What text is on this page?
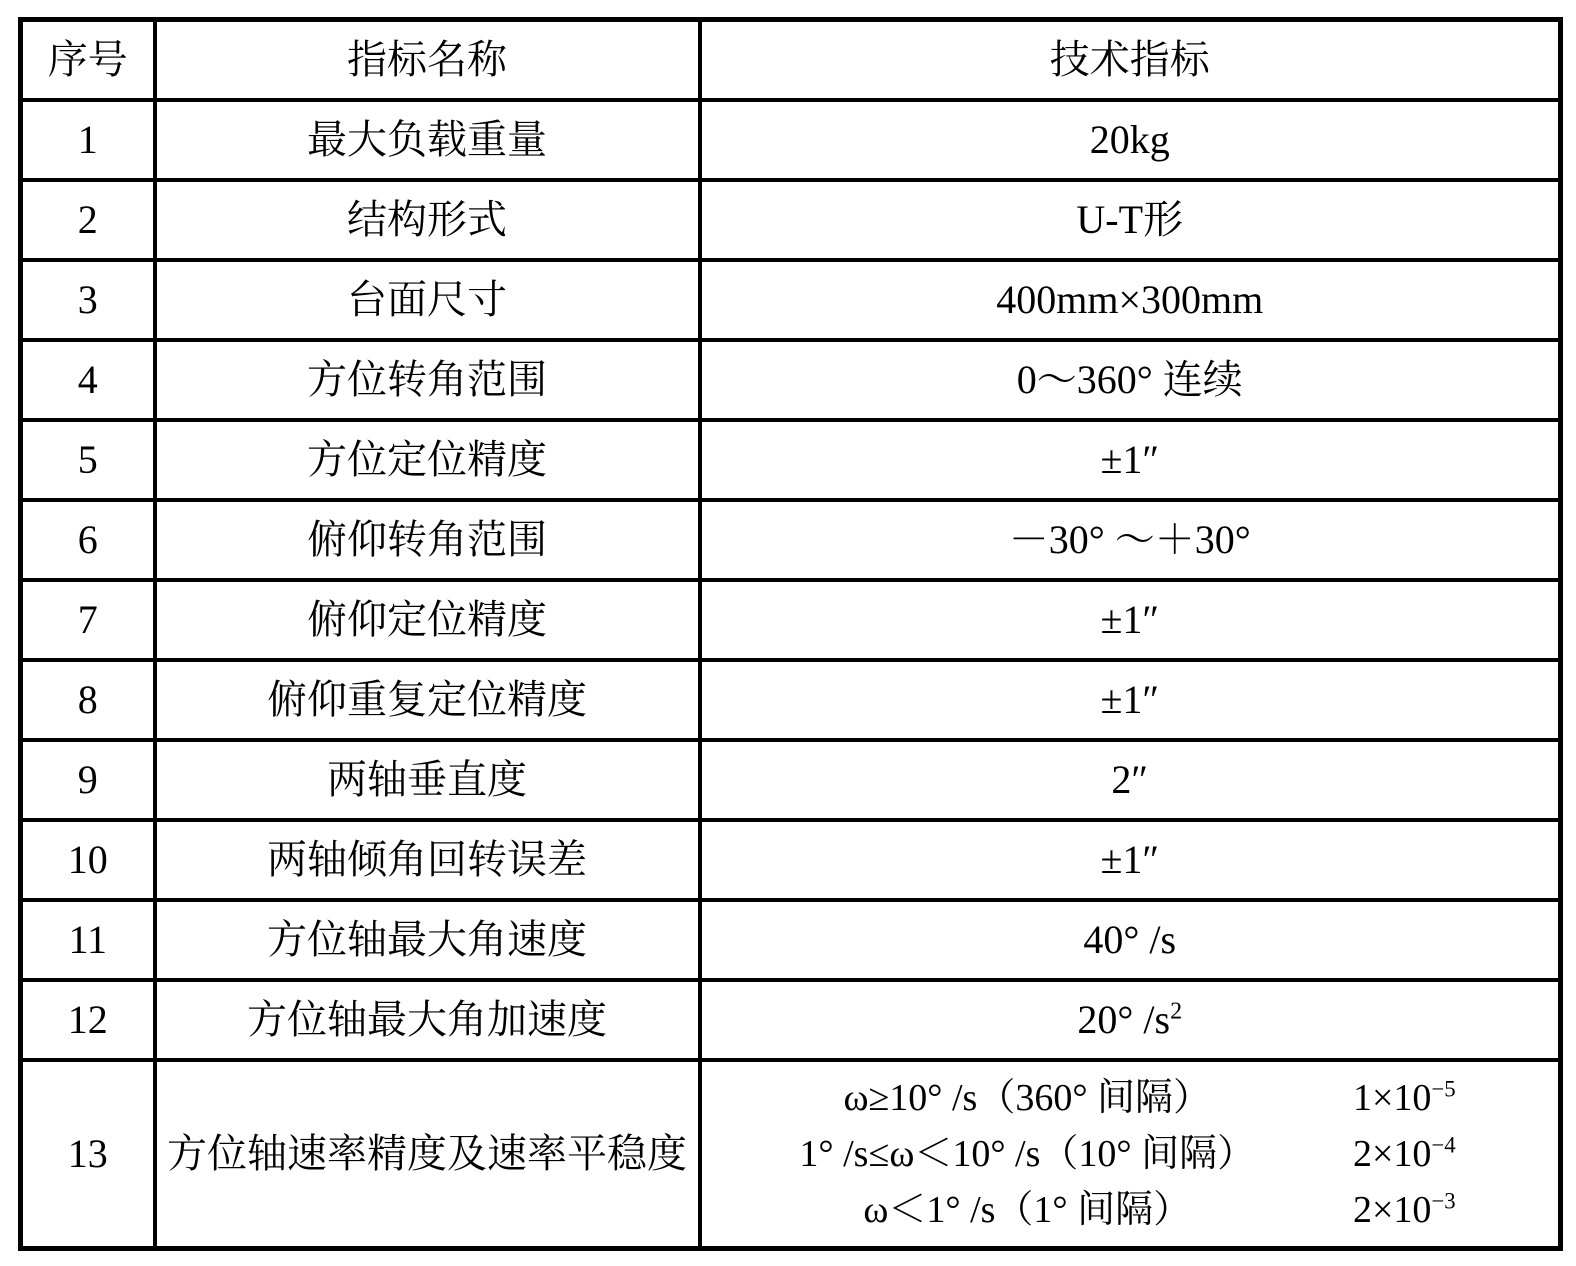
序号	指标名称	技术指标
1	最大负载重量	20kg
2	结构形式	U-T形
3	台面尺寸	400mm×300mm
4	方位转角范围	0～360° 连续
5	方位定位精度	±1″
6	俯仰转角范围	－30° ～＋30°
7	俯仰定位精度	±1″
8	俯仰重复定位精度	±1″
9	两轴垂直度	2″
10	两轴倾角回转误差	±1″
11	方位轴最大角速度	40° /s
12	方位轴最大角加速度	20° $/s^2$
13	方位轴速率精度及速率平稳度	
ω≥10° /s（360° 间隔）	$1\times 10^{-5}$
1° /s≤ω＜10° /s（10° 间隔）	$2\times 10^{-4}$
ω＜1° /s（1° 间隔）	$2\times 10^{-3}$
